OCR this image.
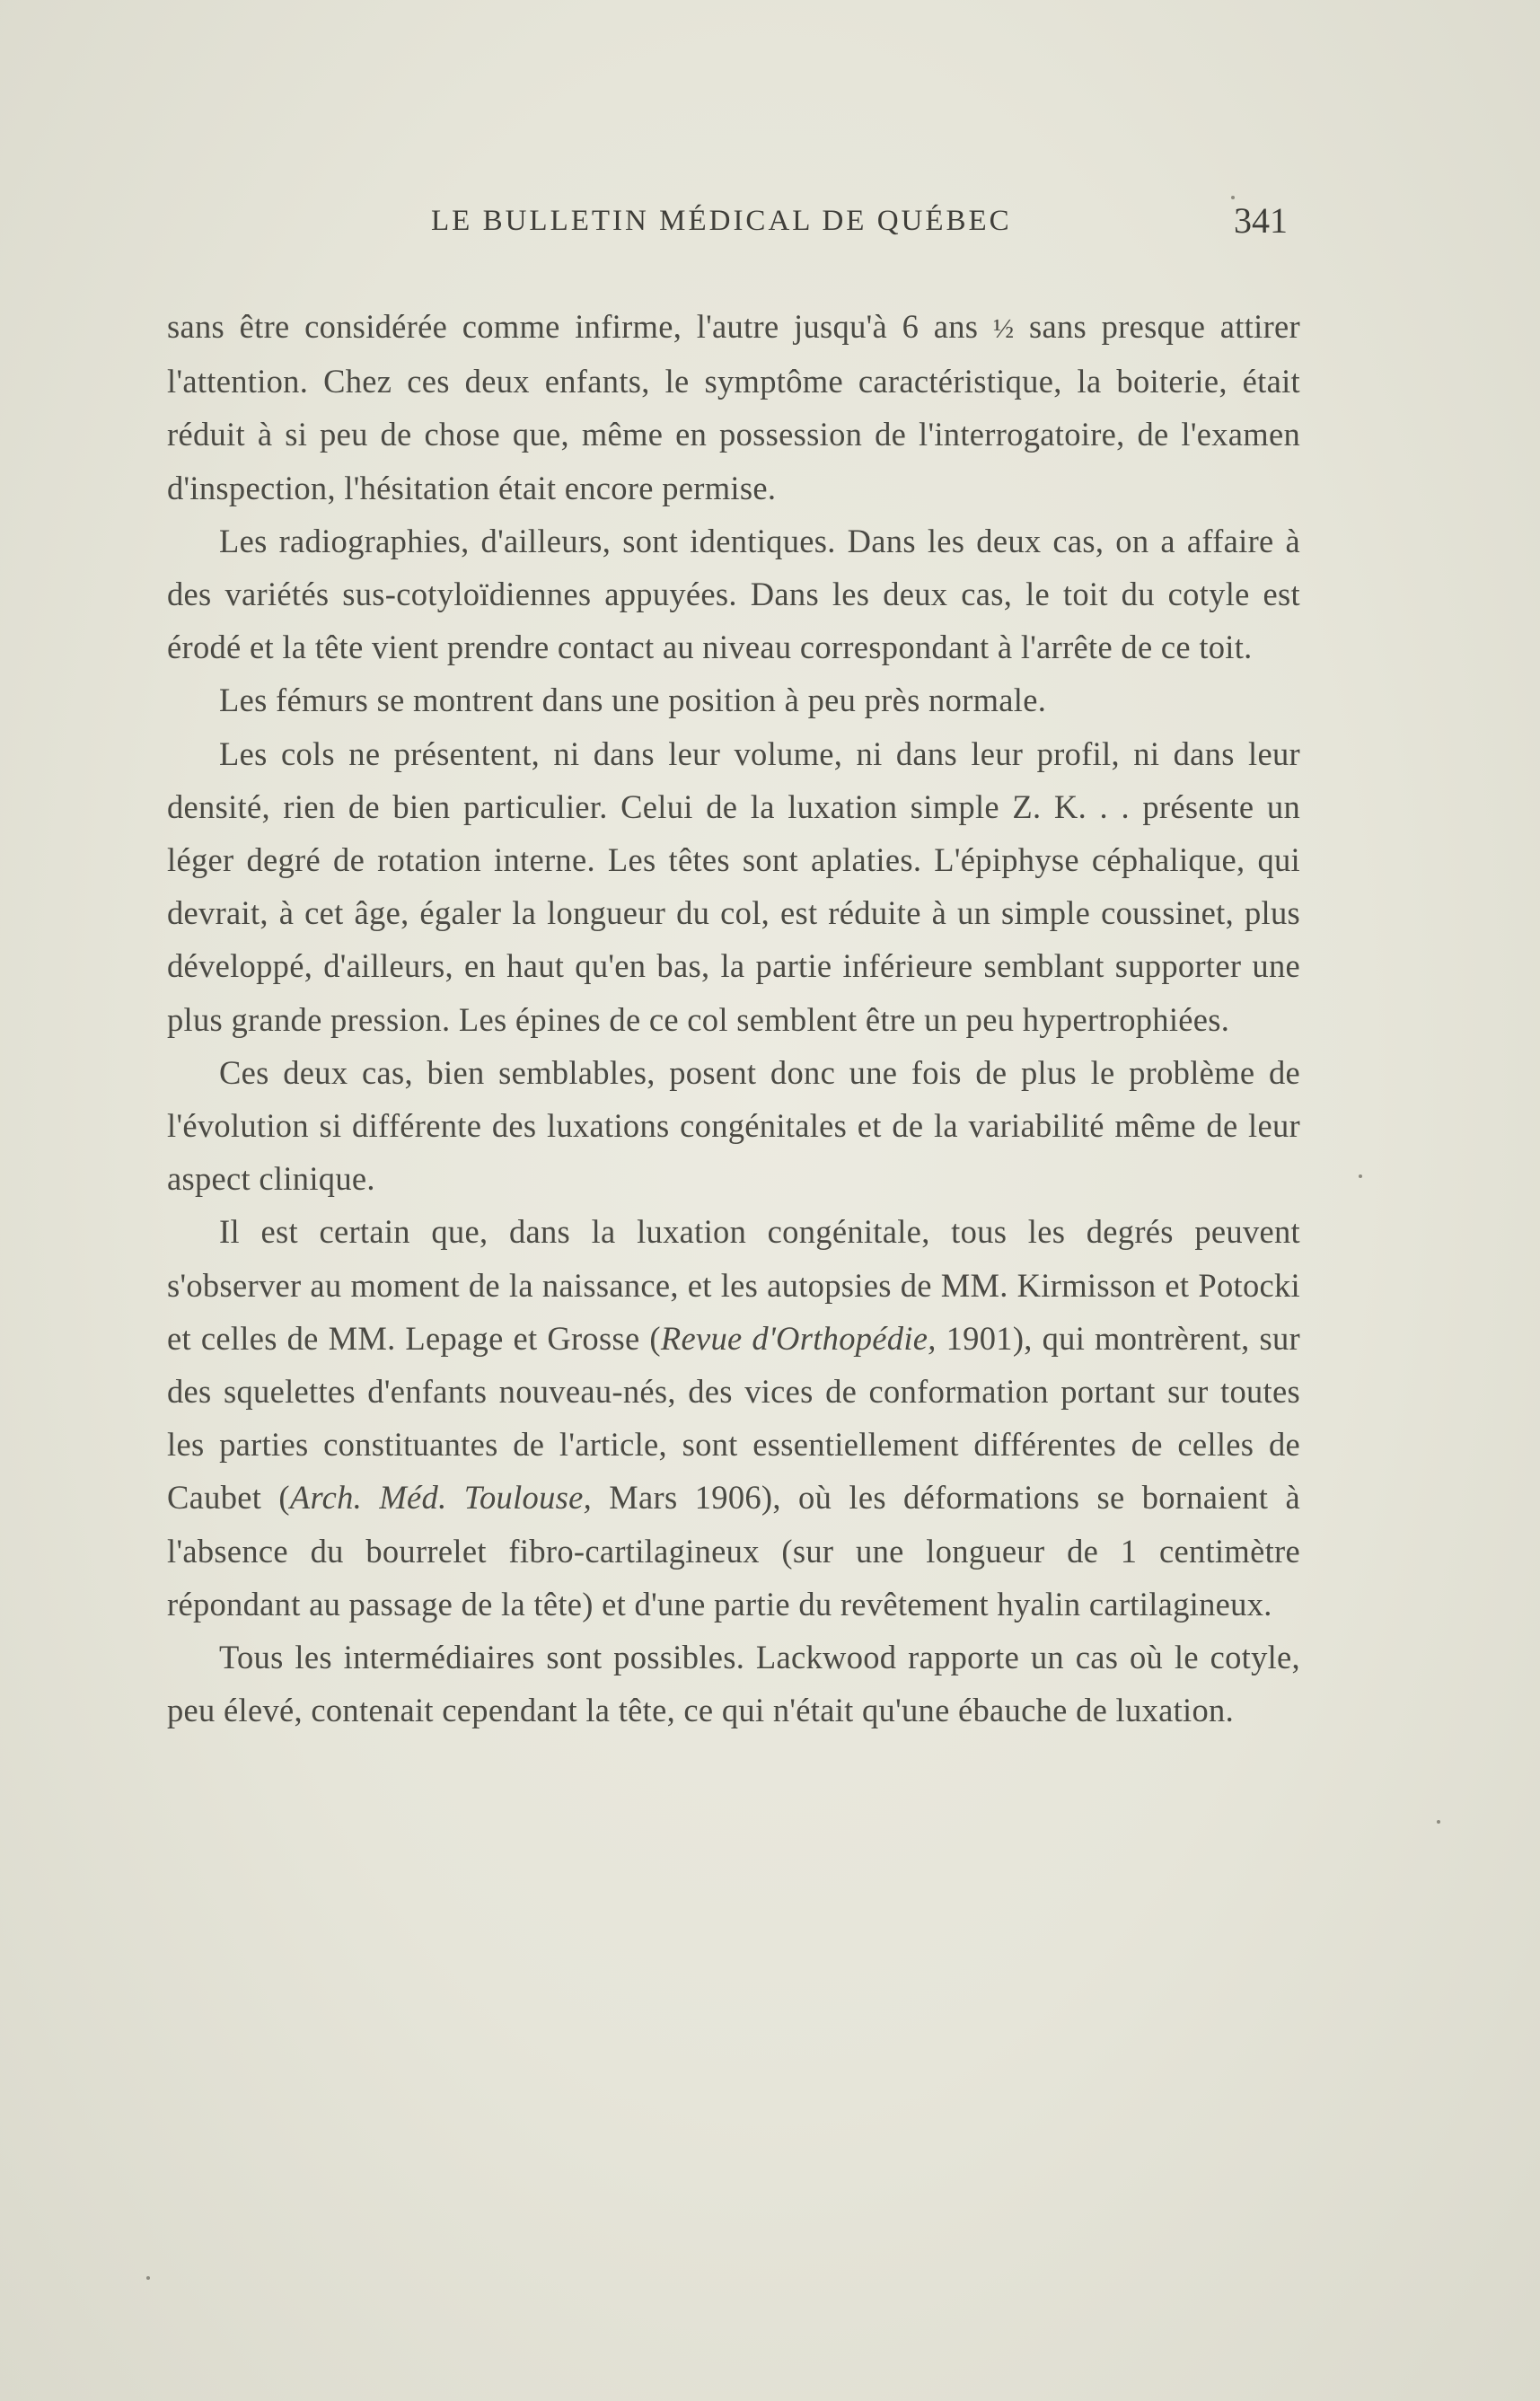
LE BULLETIN MÉDICAL DE QUÉBEC	341

sans être considérée comme infirme, l'autre jusqu'à 6 ans ½ sans presque attirer l'attention. Chez ces deux enfants, le symptôme caractéristique, la boiterie, était réduit à si peu de chose que, même en possession de l'interrogatoire, de l'examen d'inspection, l'hésitation était encore permise.

Les radiographies, d'ailleurs, sont identiques. Dans les deux cas, on a affaire à des variétés sus-cotyloïdiennes appuyées. Dans les deux cas, le toit du cotyle est érodé et la tête vient prendre contact au niveau correspondant à l'arrête de ce toit.

Les fémurs se montrent dans une position à peu près normale.

Les cols ne présentent, ni dans leur volume, ni dans leur profil, ni dans leur densité, rien de bien particulier. Celui de la luxation simple Z. K. . . présente un léger degré de rotation interne. Les têtes sont aplaties. L'épiphyse céphalique, qui devrait, à cet âge, égaler la longueur du col, est réduite à un simple coussinet, plus développé, d'ailleurs, en haut qu'en bas, la partie inférieure semblant supporter une plus grande pression. Les épines de ce col semblent être un peu hypertrophiées.

Ces deux cas, bien semblables, posent donc une fois de plus le problème de l'évolution si différente des luxations congénitales et de la variabilité même de leur aspect clinique.

Il est certain que, dans la luxation congénitale, tous les degrés peuvent s'observer au moment de la naissance, et les autopsies de MM. Kirmisson et Potocki et celles de MM. Lepage et Grosse (Revue d'Orthopédie, 1901), qui montrèrent, sur des squelettes d'enfants nouveau-nés, des vices de conformation portant sur toutes les parties constituantes de l'article, sont essentiellement différentes de celles de Caubet (Arch. Méd. Toulouse, Mars 1906), où les déformations se bornaient à l'absence du bourrelet fibro-cartilagineux (sur une longueur de 1 centimètre répondant au passage de la tête) et d'une partie du revêtement hyalin cartilagineux.

Tous les intermédiaires sont possibles. Lackwood rapporte un cas où le cotyle, peu élevé, contenait cependant la tête, ce qui n'était qu'une ébauche de luxation.
